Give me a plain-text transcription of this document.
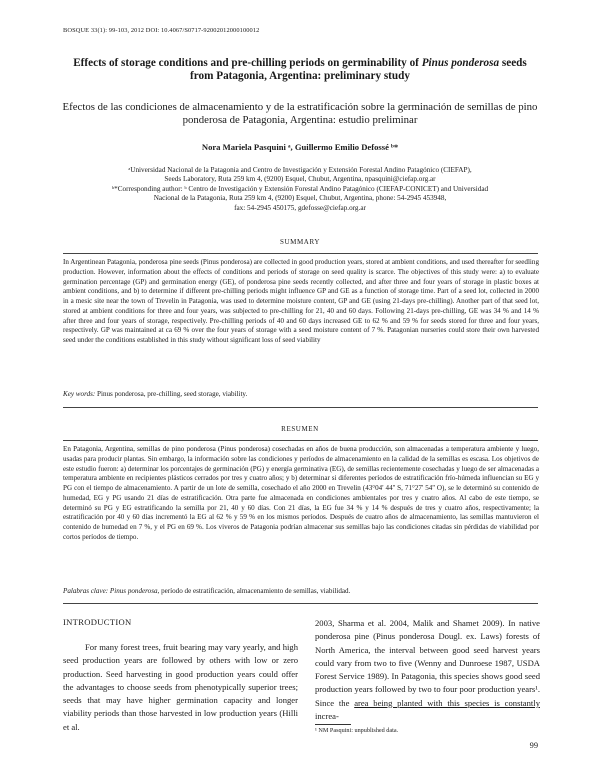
BOSQUE 33(1): 99-103, 2012 DOI: 10.4067/S0717-92002012000100012
Effects of storage conditions and pre-chilling periods on germinability of Pinus ponderosa seeds from Patagonia, Argentina: preliminary study
Efectos de las condiciones de almacenamiento y de la estratificación sobre la germinación de semillas de pino ponderosa de Patagonia, Argentina: estudio preliminar
Nora Mariela Pasquini ᵃ, Guillermo Emilio Defossé ᵇ*
ᵃUniversidad Nacional de la Patagonia and Centro de Investigación y Extensión Forestal Andino Patagónico (CIEFAP),
Seeds Laboratory, Ruta 259 km 4, (9200) Esquel, Chubut, Argentina, npasquini@ciefap.org.ar
ᵇ*Corresponding author: ᵇ Centro de Investigación y Extensión Forestal Andino Patagónico (CIEFAP-CONICET) and Universidad
Nacional de la Patagonia, Ruta 259 km 4, (9200) Esquel, Chubut, Argentina, phone: 54-2945 453948,
fax: 54-2945 450175, gdefosse@ciefap.org.ar
SUMMARY
In Argentinean Patagonia, ponderosa pine seeds (Pinus ponderosa) are collected in good production years, stored at ambient conditions, and used thereafter for seedling production. However, information about the effects of conditions and periods of storage on seed quality is scarce. The objectives of this study were: a) to evaluate germination percentage (GP) and germination energy (GE), of ponderosa pine seeds recently collected, and after three and four years of storage in plastic boxes at ambient conditions, and b) to determine if different pre-chilling periods might influence GP and GE as a function of storage time. Part of a seed lot, collected in 2000 in a mesic site near the town of Trevelin in Patagonia, was used to determine moisture content, GP and GE (using 21-days pre-chilling). Another part of that seed lot, stored at ambient conditions for three and four years, was subjected to pre-chilling for 21, 40 and 60 days. Following 21-days pre-chilling, GE was 34 % and 14 % after three and four years of storage, respectively. Pre-chilling periods of 40 and 60 days increased GE to 62 % and 59 % for seeds stored for three and four years, respectively. GP was maintained at ca 69 % over the four years of storage with a seed moisture content of 7 %. Patagonian nurseries could store their own harvested seed under the conditions established in this study without significant loss of seed viability
Key words: Pinus ponderosa, pre-chilling, seed storage, viability.
RESUMEN
En Patagonia, Argentina, semillas de pino ponderosa (Pinus ponderosa) cosechadas en años de buena producción, son almacenadas a temperatura ambiente y luego, usadas para producir plantas. Sin embargo, la información sobre las condiciones y períodos de almacenamiento en la calidad de la semillas es escasa. Los objetivos de este estudio fueron: a) determinar los porcentajes de germinación (PG) y energía germinativa (EG), de semillas recientemente cosechadas y luego de ser almacenadas a temperatura ambiente en recipientes plásticos cerrados por tres y cuatro años; y b) determinar si diferentes períodos de estratificación frío-húmeda influencian su EG y PG con el tiempo de almacenamiento. A partir de un lote de semilla, cosechado el año 2000 en Trevelin (43°04' 44'' S, 71°27' 54'' O), se le determinó su contenido de humedad, EG y PG usando 21 días de estratificación. Otra parte fue almacenada en condiciones ambientales por tres y cuatro años. Al cabo de este tiempo, se determinó su PG y EG estratificando la semilla por 21, 40 y 60 días. Con 21 días, la EG fue 34 % y 14 % después de tres y cuatro años, respectivamente; la estratificación por 40 y 60 días incrementó la EG al 62 % y 59 % en los mismos períodos. Después de cuatro años de almacenamiento, las semillas mantuvieron el contenido de humedad en 7 %, y el PG en 69 %. Los viveros de Patagonia podrían almacenar sus semillas bajo las condiciones citadas sin pérdidas de viabilidad por cortos períodos de tiempo.
Palabras clave: Pinus ponderosa, período de estratificación, almacenamiento de semillas, viabilidad.
INTRODUCTION

For many forest trees, fruit bearing may vary yearly, and high seed production years are followed by others with low or zero production. Seed harvesting in good production years could offer the advantages to choose seeds from phenotypically superior trees; seeds that may have higher germination capacity and longer viability periods than those harvested in low production years (Hilli et al.

2003, Sharma et al. 2004, Malik and Shamet 2009). In native ponderosa pine (Pinus ponderosa Dougl. ex. Laws) forests of North America, the interval between good seed harvest years could vary from two to five (Wenny and Dunroese 1987, USDA Forest Service 1989). In Patagonia, this species shows good seed production years followed by two to four poor production years¹. Since the area being planted with this species is constantly increa-

¹ NM Pasquini: unpublished data.
99
